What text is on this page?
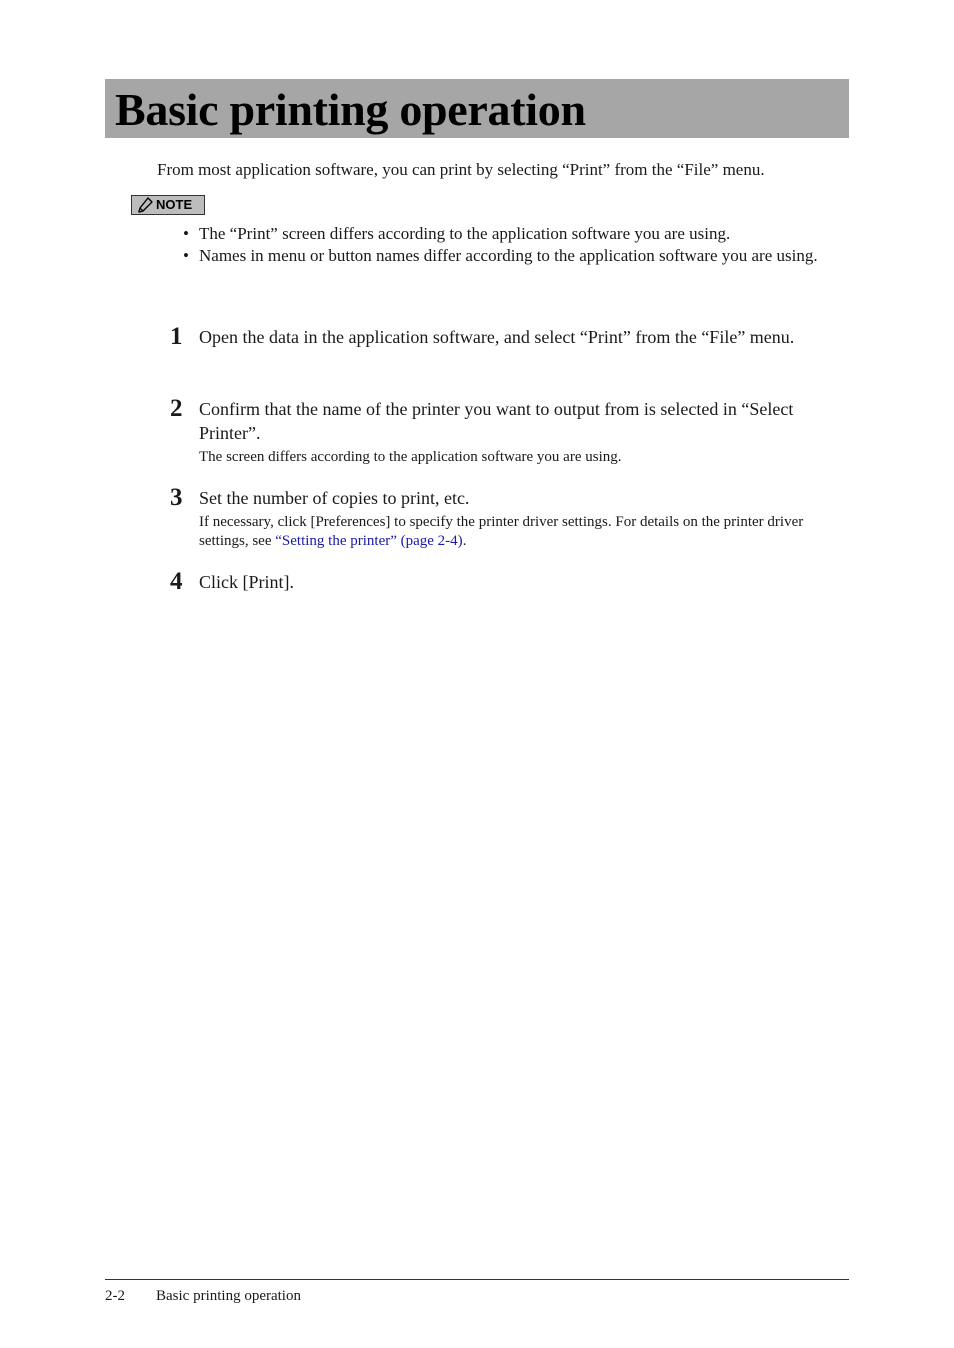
Basic printing operation
From most application software, you can print by selecting “Print” from the “File” menu.
NOTE
• The “Print” screen differs according to the application software you are using.
• Names in menu or button names differ according to the application software you are using.
1 Open the data in the application software, and select “Print” from the “File” menu.
2 Confirm that the name of the printer you want to output from is selected in “Select Printer”.
The screen differs according to the application software you are using.
3 Set the number of copies to print, etc.
If necessary, click [Preferences] to specify the printer driver settings. For details on the printer driver settings, see “Setting the printer” (page 2-4).
4 Click [Print].
2-2 Basic printing operation
